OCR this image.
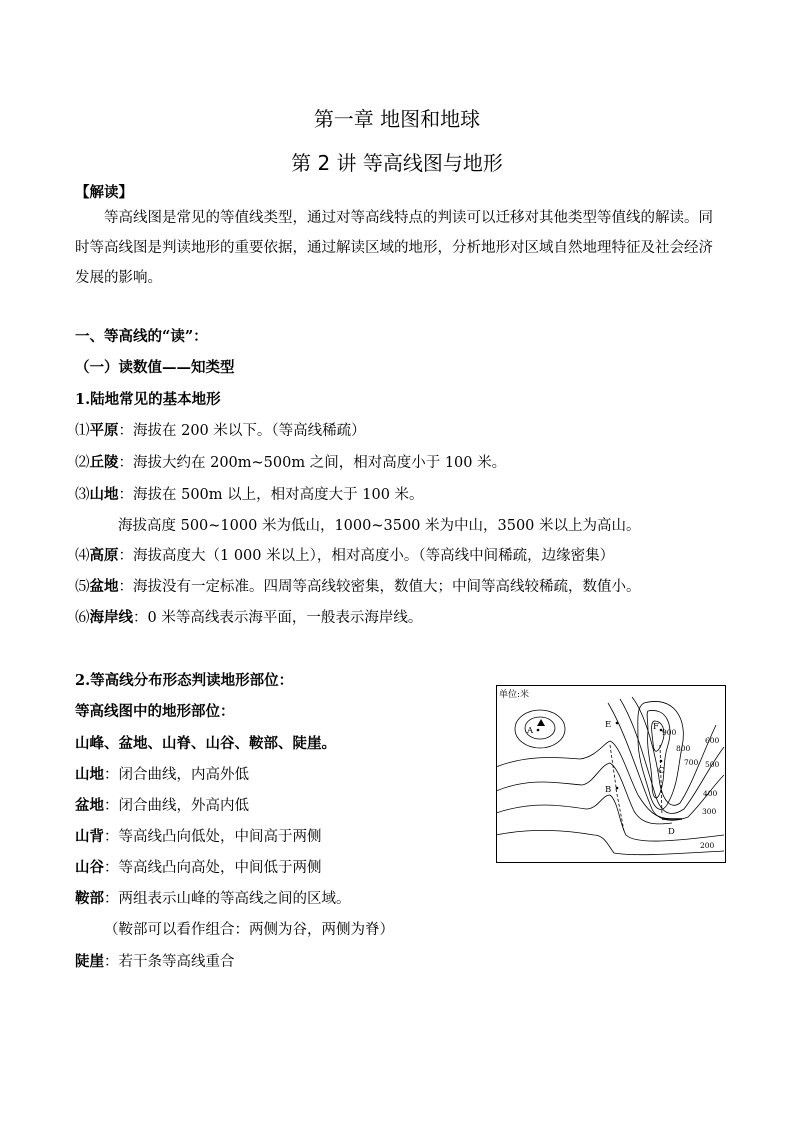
第一章 地图和地球
第 2 讲 等高线图与地形
【解读】
等高线图是常见的等值线类型，通过对等高线特点的判读可以迁移对其他类型等值线的解读。同时等高线图是判读地形的重要依据，通过解读区域的地形，分析地形对区域自然地理特征及社会经济发展的影响。
一、等高线的“读”：
（一）读数值——知类型
1.陆地常见的基本地形
⑴平原：海拔在 200 米以下。（等高线稀疏）
⑵丘陵：海拔大约在 200m~500m 之间，相对高度小于 100 米。
⑶山地：海拔在 500m 以上，相对高度大于 100 米。
海拔高度 500~1000 米为低山，1000~3500 米为中山，3500 米以上为高山。
⑷高原：海拔高度大（1 000 米以上），相对高度小。（等高线中间稀疏，边缘密集）
⑸盆地：海拔没有一定标准。四周等高线较密集，数值大；中间等高线较稀疏，数值小。
⑹海岸线：0 米等高线表示海平面，一般表示海岸线。
2.等高线分布形态判读地形部位：
等高线图中的地形部位：
山峰、盆地、山脊、山谷、鞍部、陡崖。
山地：闭合曲线，内高外低
盆地：闭合曲线，外高内低
山背：等高线凸向低处，中间高于两侧
山谷：等高线凸向高处，中间低于两侧
鞍部：两组表示山峰的等高线之间的区域。
（鞍部可以看作组合：两侧为谷，两侧为脊）
陡崖：若干条等高线重合
单位:米
A	F
E
B
C
D
900
800
700
600
500
400
300
200
